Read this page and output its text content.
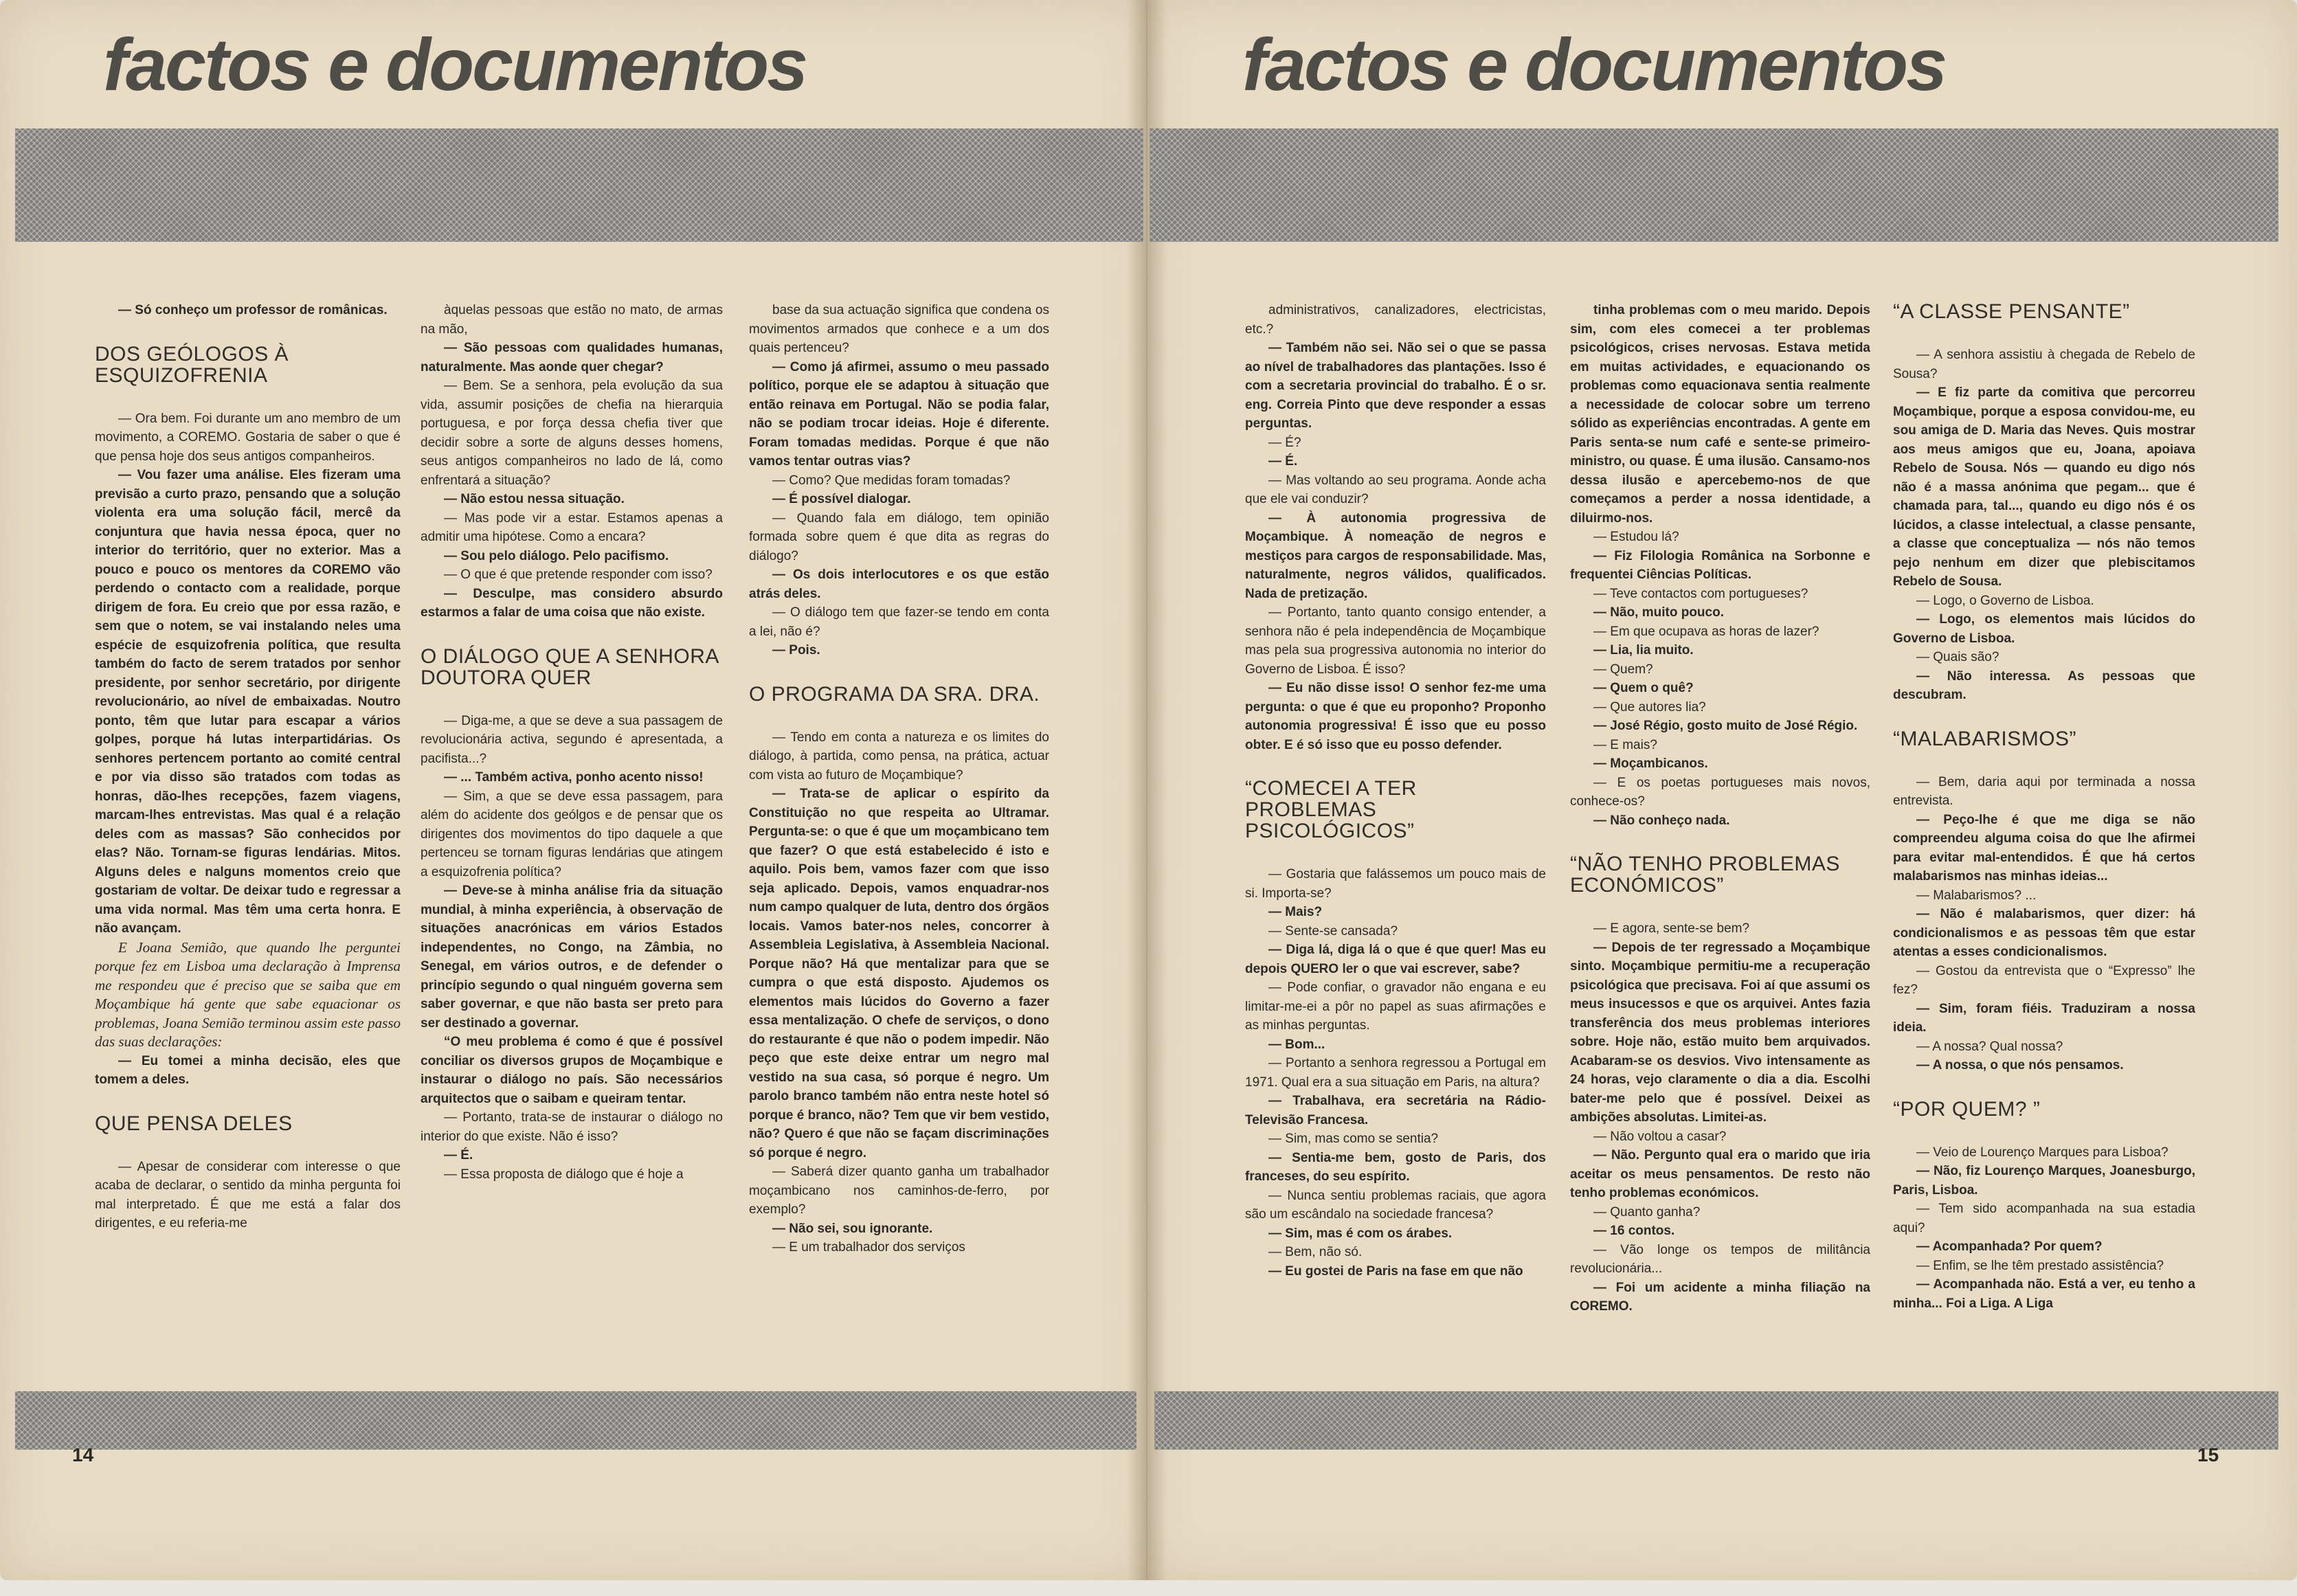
factos e documentos	factos e documentos

— Só conheço um professor de românicas.

DOS GEÓLOGOS À ESQUIZOFRENIA

— Ora bem. Foi durante um ano membro de um movimento, a COREMO. Gostaria de saber o que é que pensa hoje dos seus antigos companheiros.

— Vou fazer uma análise. Eles fizeram uma previsão a curto prazo, pensando que a solução violenta era uma solução fácil, mercê da conjuntura que havia nessa época, quer no interior do território, quer no exterior. Mas a pouco e pouco os mentores da COREMO vão perdendo o contacto com a realidade, porque dirigem de fora. Eu creio que por essa razão, e sem que o notem, se vai instalando neles uma espécie de esquizofrenia política, que resulta também do facto de serem tratados por senhor presidente, por senhor secretário, por dirigente revolucionário, ao nível de embaixadas. Noutro ponto, têm que lutar para escapar a vários golpes, porque há lutas interpartidárias. Os senhores pertencem portanto ao comité central e por via disso são tratados com todas as honras, dão-lhes recepções, fazem viagens, marcam-lhes entrevistas. Mas qual é a relação deles com as massas? São conhecidos por elas? Não. Tornam-se figuras lendárias. Mitos. Alguns deles e nalguns momentos creio que gostariam de voltar. De deixar tudo e regressar a uma vida normal. Mas têm uma certa honra. E não avançam.

E Joana Semião, que quando lhe perguntei porque fez em Lisboa uma declaração à Imprensa me respondeu que é preciso que se saiba que em Moçambique há gente que sabe equacionar os problemas, Joana Semião terminou assim este passo das suas declarações:

— Eu tomei a minha decisão, eles que tomem a deles.

QUE PENSA DELES

— Apesar de considerar com interesse o que acaba de declarar, o sentido da minha pergunta foi mal interpretado. É que me está a falar dos dirigentes, e eu referia-me

àquelas pessoas que estão no mato, de armas na mão,

— São pessoas com qualidades humanas, naturalmente. Mas aonde quer chegar?

— Bem. Se a senhora, pela evolução da sua vida, assumir posições de chefia na hierarquia portuguesa, e por força dessa chefia tiver que decidir sobre a sorte de alguns desses homens, seus antigos companheiros no lado de lá, como enfrentará a situação?

— Não estou nessa situação.

— Mas pode vir a estar. Estamos apenas a admitir uma hipótese. Como a encara?

— Sou pelo diálogo. Pelo pacifismo.

— O que é que pretende responder com isso?

— Desculpe, mas considero absurdo estarmos a falar de uma coisa que não existe.

O DIÁLOGO QUE A SENHORA DOUTORA QUER

— Diga-me, a que se deve a sua passagem de revolucionária activa, segundo é apresentada, a pacifista...?

— ... Também activa, ponho acento nisso!

— Sim, a que se deve essa passagem, para além do acidente dos geólgos e de pensar que os dirigentes dos movimentos do tipo daquele a que pertenceu se tornam figuras lendárias que atingem a esquizofrenia política?

— Deve-se à minha análise fria da situação mundial, à minha experiência, à observação de situações anacrónicas em vários Estados independentes, no Congo, na Zâmbia, no Senegal, em vários outros, e de defender o princípio segundo o qual ninguém governa sem saber governar, e que não basta ser preto para ser destinado a governar.

“O meu problema é como é que é possível conciliar os diversos grupos de Moçambique e instaurar o diálogo no país. São necessários arquitectos que o saibam e queiram tentar.

— Portanto, trata-se de instaurar o diálogo no interior do que existe. Não é isso?

— É.

— Essa proposta de diálogo que é hoje a

base da sua actuação significa que condena os movimentos armados que conhece e a um dos quais pertenceu?

— Como já afirmei, assumo o meu passado político, porque ele se adaptou à situação que então reinava em Portugal. Não se podia falar, não se podiam trocar ideias. Hoje é diferente. Foram tomadas medidas. Porque é que não vamos tentar outras vias?

— Como? Que medidas foram tomadas?

— É possível dialogar.

— Quando fala em diálogo, tem opinião formada sobre quem é que dita as regras do diálogo?

— Os dois interlocutores e os que estão atrás deles.

— O diálogo tem que fazer-se tendo em conta a lei, não é?

— Pois.

O PROGRAMA DA SRA. DRA.

— Tendo em conta a natureza e os limites do diálogo, à partida, como pensa, na prática, actuar com vista ao futuro de Moçambique?

— Trata-se de aplicar o espírito da Constituição no que respeita ao Ultramar. Pergunta-se: o que é que um moçambicano tem que fazer? O que está estabelecido é isto e aquilo. Pois bem, vamos fazer com que isso seja aplicado. Depois, vamos enquadrar-nos num campo qualquer de luta, dentro dos órgãos locais. Vamos bater-nos neles, concorrer à Assembleia Legislativa, à Assembleia Nacional. Porque não? Há que mentalizar para que se cumpra o que está disposto. Ajudemos os elementos mais lúcidos do Governo a fazer essa mentalização. O chefe de serviços, o dono do restaurante é que não o podem impedir. Não peço que este deixe entrar um negro mal vestido na sua casa, só porque é negro. Um parolo branco também não entra neste hotel só porque é branco, não? Tem que vir bem vestido, não? Quero é que não se façam discriminações só porque é negro.

— Saberá dizer quanto ganha um trabalhador moçambicano nos caminhos-de-ferro, por exemplo?

— Não sei, sou ignorante.

— E um trabalhador dos serviços

administrativos, canalizadores, electricistas, etc.?

— Também não sei. Não sei o que se passa ao nível de trabalhadores das plantações. Isso é com a secretaria provincial do trabalho. É o sr. eng. Correia Pinto que deve responder a essas perguntas.

— É?

— É.

— Mas voltando ao seu programa. Aonde acha que ele vai conduzir?

— À autonomia progressiva de Moçambique. À nomeação de negros e mestiços para cargos de responsabilidade. Mas, naturalmente, negros válidos, qualificados. Nada de pretização.

— Portanto, tanto quanto consigo entender, a senhora não é pela independência de Moçambique mas pela sua progressiva autonomia no interior do Governo de Lisboa. É isso?

— Eu não disse isso! O senhor fez-me uma pergunta: o que é que eu proponho? Proponho autonomia progressiva! É isso que eu posso obter. E é só isso que eu posso defender.

“COMECEI A TER PROBLEMAS PSICOLÓGICOS”

— Gostaria que falássemos um pouco mais de si. Importa-se?

— Mais?

— Sente-se cansada?

— Diga lá, diga lá o que é que quer! Mas eu depois QUERO ler o que vai escrever, sabe?

— Pode confiar, o gravador não engana e eu limitar-me-ei a pôr no papel as suas afirmações e as minhas perguntas.

— Bom...

— Portanto a senhora regressou a Portugal em 1971. Qual era a sua situação em Paris, na altura?

— Trabalhava, era secretária na Rádio-Televisão Francesa.

— Sim, mas como se sentia?

— Sentia-me bem, gosto de Paris, dos franceses, do seu espírito.

— Nunca sentiu problemas raciais, que agora são um escândalo na sociedade francesa?

— Sim, mas é com os árabes.

— Bem, não só.

— Eu gostei de Paris na fase em que não

tinha problemas com o meu marido. Depois sim, com eles comecei a ter problemas psicológicos, crises nervosas. Estava metida em muitas actividades, e equacionando os problemas como equacionava sentia realmente a necessidade de colocar sobre um terreno sólido as experiências encontradas. A gente em Paris senta-se num café e sente-se primeiro-ministro, ou quase. É uma ilusão. Cansamo-nos dessa ilusão e apercebemo-nos de que começamos a perder a nossa identidade, a diluirmo-nos.

— Estudou lá?

— Fiz Filologia Românica na Sorbonne e frequentei Ciências Políticas.

— Teve contactos com portugueses?

— Não, muito pouco.

— Em que ocupava as horas de lazer?

— Lia, lia muito.

— Quem?

— Quem o quê?

— Que autores lia?

— José Régio, gosto muito de José Régio.

— E mais?

— Moçambicanos.

— E os poetas portugueses mais novos, conhece-os?

— Não conheço nada.

“NÃO TENHO PROBLEMAS ECONÓMICOS”

— E agora, sente-se bem?

— Depois de ter regressado a Moçambique sinto. Moçambique permitiu-me a recuperação psicológica que precisava. Foi aí que assumi os meus insucessos e que os arquivei. Antes fazia transferência dos meus problemas interiores sobre. Hoje não, estão muito bem arquivados. Acabaram-se os desvios. Vivo intensamente as 24 horas, vejo claramente o dia a dia. Escolhi bater-me pelo que é possível. Deixei as ambições absolutas. Limitei-as.

— Não voltou a casar?

— Não. Pergunto qual era o marido que iria aceitar os meus pensamentos. De resto não tenho problemas económicos.

— Quanto ganha?

— 16 contos.

— Vão longe os tempos de militância revolucionária...

— Foi um acidente a minha filiação na COREMO.

“A CLASSE PENSANTE”

— A senhora assistiu à chegada de Rebelo de Sousa?

— E fiz parte da comitiva que percorreu Moçambique, porque a esposa convidou-me, eu sou amiga de D. Maria das Neves. Quis mostrar aos meus amigos que eu, Joana, apoiava Rebelo de Sousa. Nós — quando eu digo nós não é a massa anónima que pegam... que é chamada para, tal..., quando eu digo nós é os lúcidos, a classe intelectual, a classe pensante, a classe que conceptualiza — nós não temos pejo nenhum em dizer que plebiscitamos Rebelo de Sousa.

— Logo, o Governo de Lisboa.

— Logo, os elementos mais lúcidos do Governo de Lisboa.

— Quais são?

— Não interessa. As pessoas que descubram.

“MALABARISMOS”

— Bem, daria aqui por terminada a nossa entrevista.

— Peço-lhe é que me diga se não compreendeu alguma coisa do que lhe afirmei para evitar mal-entendidos. É que há certos malabarismos nas minhas ideias...

— Malabarismos? ...

— Não é malabarismos, quer dizer: há condicionalismos e as pessoas têm que estar atentas a esses condicionalismos.

— Gostou da entrevista que o “Expresso” lhe fez?

— Sim, foram fiéis. Traduziram a nossa ideia.

— A nossa? Qual nossa?

— A nossa, o que nós pensamos.

“POR QUEM? ”

— Veio de Lourenço Marques para Lisboa?

— Não, fiz Lourenço Marques, Joanesburgo, Paris, Lisboa.

— Tem sido acompanhada na sua estadia aqui?

— Acompanhada? Por quem?

— Enfim, se lhe têm prestado assistência?

— Acompanhada não. Está a ver, eu tenho a minha... Foi a Liga. A Liga

14	15
